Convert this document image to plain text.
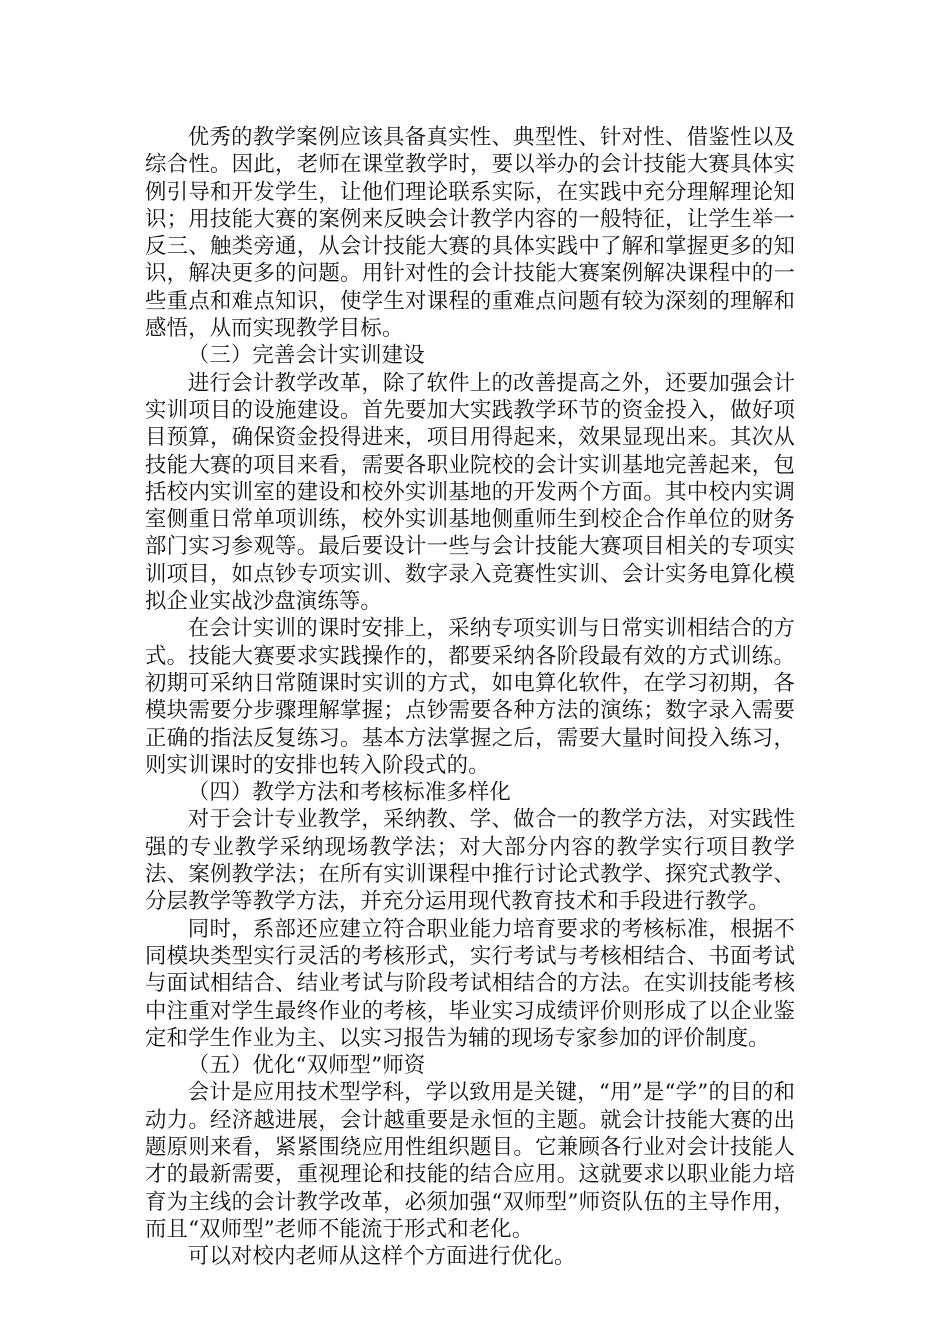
优秀的教学案例应该具备真实性、典型性、针对性、借鉴性以及综合性。因此，老师在课堂教学时，要以举办的会计技能大赛具体实例引导和开发学生，让他们理论联系实际，在实践中充分理解理论知识；用技能大赛的案例来反映会计教学内容的一般特征，让学生举一反三、触类旁通，从会计技能大赛的具体实践中了解和掌握更多的知识，解决更多的问题。用针对性的会计技能大赛案例解决课程中的一些重点和难点知识，使学生对课程的重难点问题有较为深刻的理解和感悟，从而实现教学目标。

（三）完善会计实训建设

进行会计教学改革，除了软件上的改善提高之外，还要加强会计实训项目的设施建设。首先要加大实践教学环节的资金投入，做好项目预算，确保资金投得进来，项目用得起来，效果显现出来。其次从技能大赛的项目来看，需要各职业院校的会计实训基地完善起来，包括校内实训室的建设和校外实训基地的开发两个方面。其中校内实调室侧重日常单项训练，校外实训基地侧重师生到校企合作单位的财务部门实习参观等。最后要设计一些与会计技能大赛项目相关的专项实训项目，如点钞专项实训、数字录入竞赛性实训、会计实务电算化模拟企业实战沙盘演练等。

在会计实训的课时安排上，采纳专项实训与日常实训相结合的方式。技能大赛要求实践操作的，都要采纳各阶段最有效的方式训练。初期可采纳日常随课时实训的方式，如电算化软件，在学习初期，各模块需要分步骤理解掌握；点钞需要各种方法的演练；数字录入需要正确的指法反复练习。基本方法掌握之后，需要大量时间投入练习，则实训课时的安排也转入阶段式的。

（四）教学方法和考核标准多样化

对于会计专业教学，采纳教、学、做合一的教学方法，对实践性强的专业教学采纳现场教学法；对大部分内容的教学实行项目教学法、案例教学法；在所有实训课程中推行讨论式教学、探究式教学、分层教学等教学方法，并充分运用现代教育技术和手段进行教学。

同时，系部还应建立符合职业能力培育要求的考核标准，根据不同模块类型实行灵活的考核形式，实行考试与考核相结合、书面考试与面试相结合、结业考试与阶段考试相结合的方法。在实训技能考核中注重对学生最终作业的考核，毕业实习成绩评价则形成了以企业鉴定和学生作业为主、以实习报告为辅的现场专家参加的评价制度。

（五）优化“双师型”师资

会计是应用技术型学科，学以致用是关键，“用”是“学”的目的和动力。经济越进展，会计越重要是永恒的主题。就会计技能大赛的出题原则来看，紧紧围绕应用性组织题目。它兼顾各行业对会计技能人才的最新需要，重视理论和技能的结合应用。这就要求以职业能力培育为主线的会计教学改革，必须加强“双师型”师资队伍的主导作用，而且“双师型”老师不能流于形式和老化。

可以对校内老师从这样个方面进行优化。
